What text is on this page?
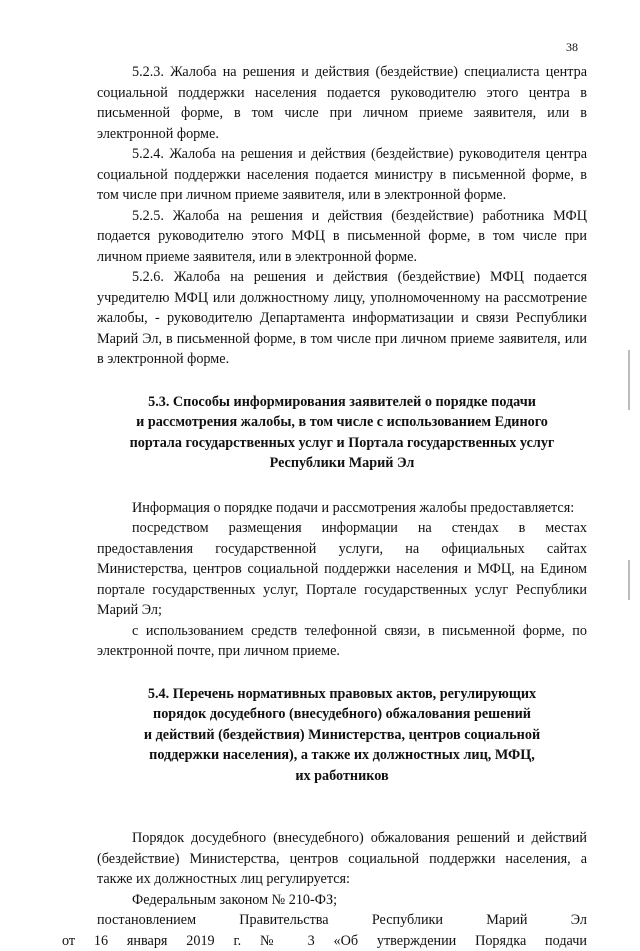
38

5.2.3. Жалоба на решения и действия (бездействие) специалиста центра социальной поддержки населения подается руководителю этого центра в письменной форме, в том числе при личном приеме заявителя, или в электронной форме.

5.2.4. Жалоба на решения и действия (бездействие) руководителя центра социальной поддержки населения подается министру в письменной форме, в том числе при личном приеме заявителя, или в электронной форме.

5.2.5. Жалоба на решения и действия (бездействие) работника МФЦ подается руководителю этого МФЦ в письменной форме, в том числе при личном приеме заявителя, или в электронной форме.

5.2.6. Жалоба на решения и действия (бездействие) МФЦ подается учредителю МФЦ или должностному лицу, уполномоченному на рассмотрение жалобы, - руководителю Департамента информатизации и связи Республики Марий Эл, в письменной форме, в том числе при личном приеме заявителя, или в электронной форме.

5.3. Способы информирования заявителей о порядке подачи
и рассмотрения жалобы, в том числе с использованием Единого
портала государственных услуг и Портала государственных услуг
Республики Марий Эл

Информация о порядке подачи и рассмотрения жалобы предоставляется:

посредством размещения информации на стендах в местах предоставления государственной услуги, на официальных сайтах Министерства, центров социальной поддержки населения и МФЦ, на Едином портале государственных услуг, Портале государственных услуг Республики Марий Эл;

с использованием средств телефонной связи, в письменной форме, по электронной почте, при личном приеме.

5.4. Перечень нормативных правовых актов, регулирующих
порядок досудебного (внесудебного) обжалования решений
и действий (бездействия) Министерства, центров социальной
поддержки населения), а также их должностных лиц, МФЦ,
их работников

Порядок досудебного (внесудебного) обжалования решений и действий (бездействие) Министерства, центров социальной поддержки населения, а также их должностных лиц регулируется:

Федеральным законом № 210-ФЗ;

постановлением Правительства Республики Марий Эл
от 16 января 2019 г. № 3 «Об утверждении Порядка подачи
